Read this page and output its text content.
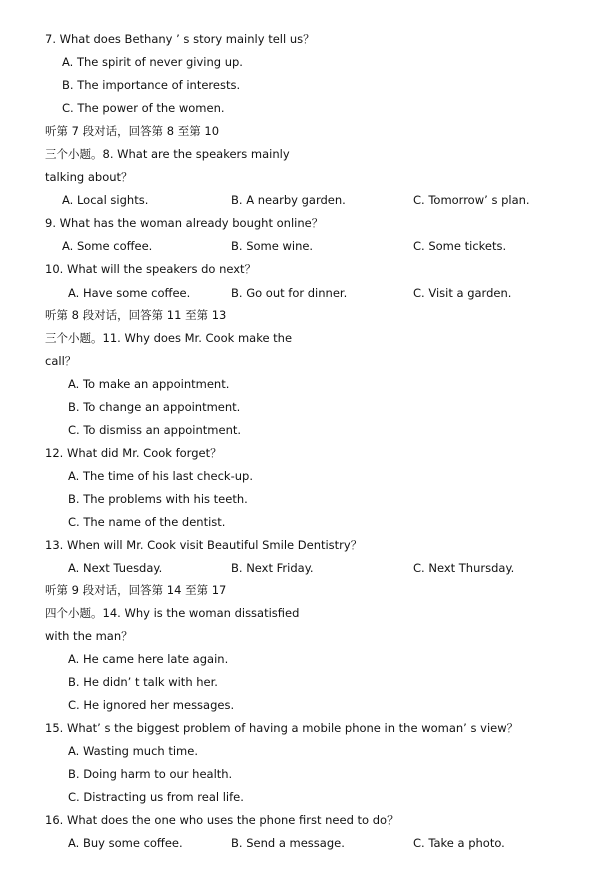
7. What does Bethany ’ s story mainly tell us？
A. The spirit of never giving up.
B. The importance of interests.
C. The power of the women.
听第 7 段对话，回答第 8 至第 10
三个小题。8. What are the speakers mainly
talking about？
A. Local sights.	B. A nearby garden.	C. Tomorrow’ s plan.
9. What has the woman already bought online？
A. Some coffee.	B. Some wine.	C. Some tickets.
10. What will the speakers do next？
A. Have some coffee.	B. Go out for dinner.	C. Visit a garden.
听第 8 段对话，回答第 11 至第 13
三个小题。11. Why does Mr. Cook make the
call？
A. To make an appointment.
B. To change an appointment.
C. To dismiss an appointment.
12. What did Mr. Cook forget？
A. The time of his last check-up.
B. The problems with his teeth.
C. The name of the dentist.
13. When will Mr. Cook visit Beautiful Smile Dentistry？
A. Next Tuesday.	B. Next Friday.	C. Next Thursday.
听第 9 段对话，回答第 14 至第 17
四个小题。14. Why is the woman dissatisfied
with the man？
A. He came here late again.
B. He didn’ t talk with her.
C. He ignored her messages.
15. What’ s the biggest problem of having a mobile phone in the woman’ s view？
A. Wasting much time.
B. Doing harm to our health.
C. Distracting us from real life.
16. What does the one who uses the phone first need to do？
A. Buy some coffee.	B. Send a message.	C. Take a photo.
